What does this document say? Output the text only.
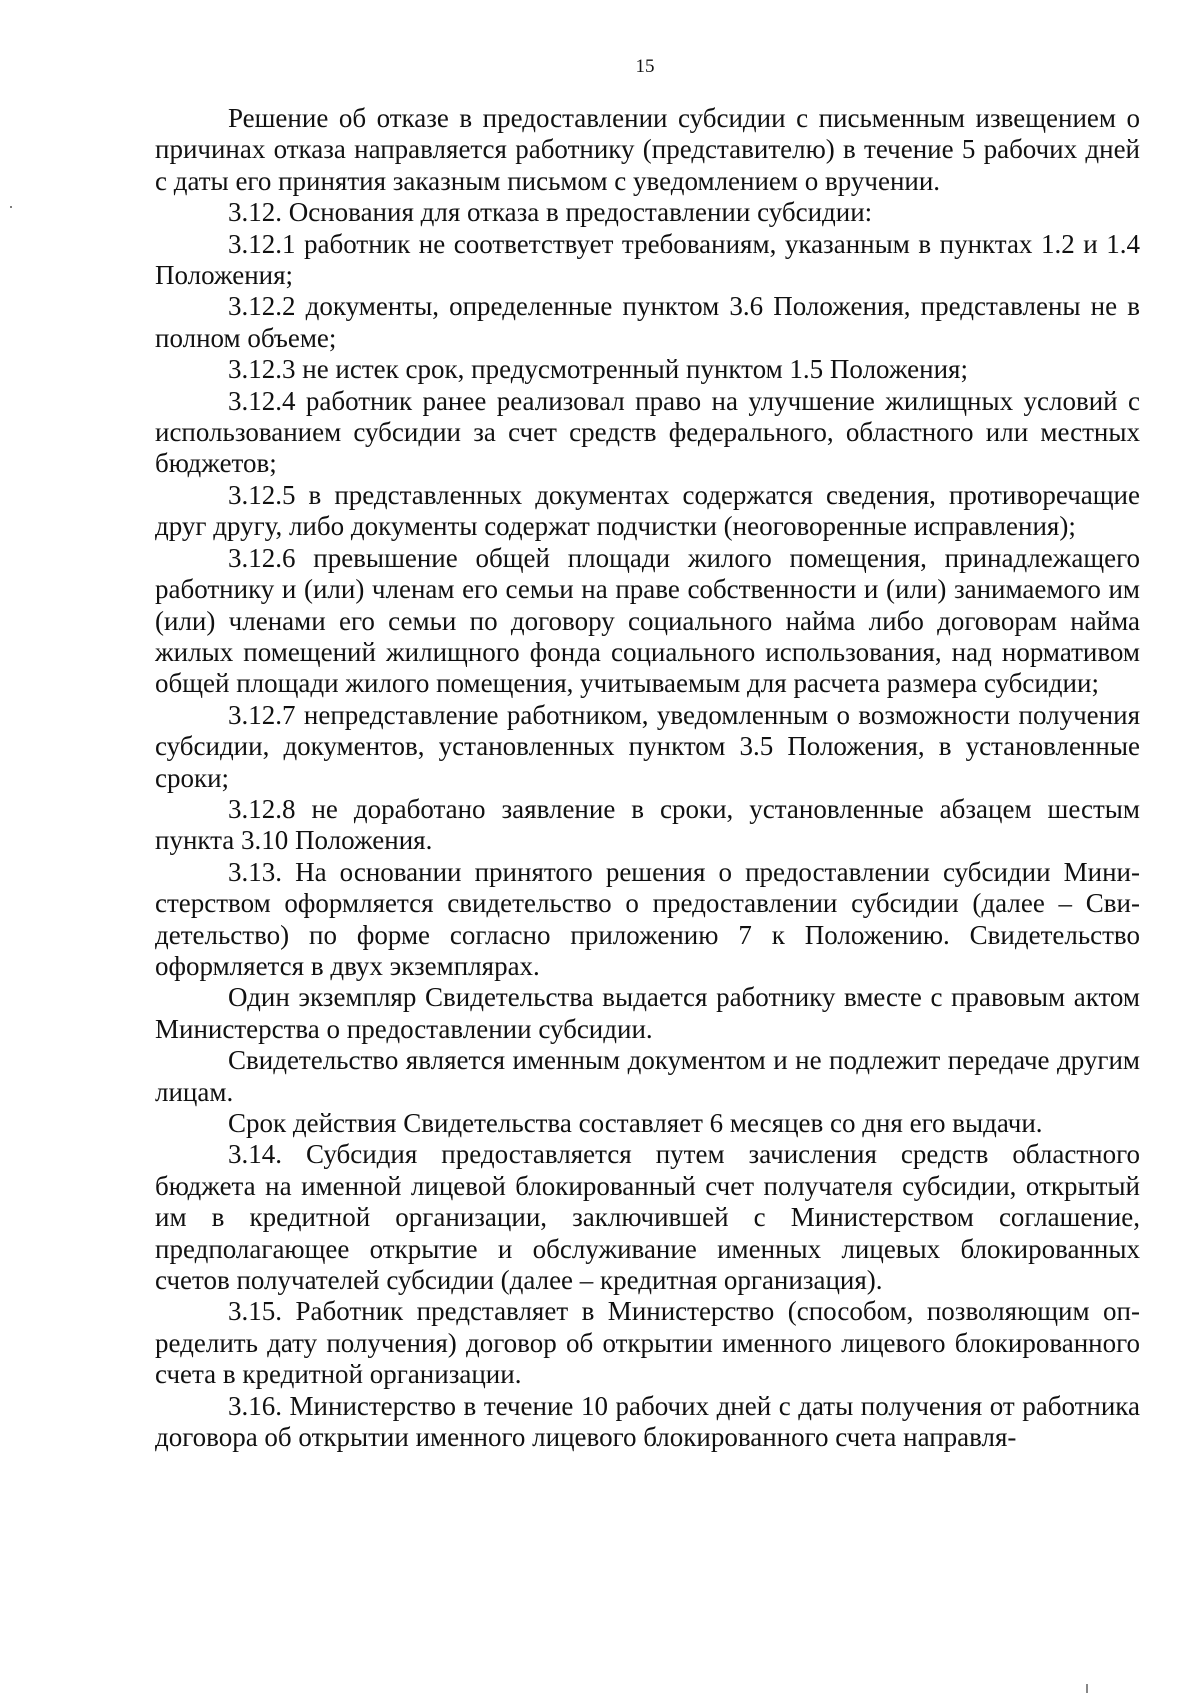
15

Решение об отказе в предоставлении субсидии с письменным извещением о причинах отказа направляется работнику (представителю) в течение 5 рабочих дней с даты его принятия заказным письмом с уведомлением о вручении.

3.12. Основания для отказа в предоставлении субсидии:

3.12.1 работник не соответствует требованиям, указанным в пунктах 1.2 и 1.4 Положения;

3.12.2 документы, определенные пунктом 3.6 Положения, представлены не в полном объеме;

3.12.3 не истек срок, предусмотренный пунктом 1.5 Положения;

3.12.4 работник ранее реализовал право на улучшение жилищных условий с использованием субсидии за счет средств федерального, областного или местных бюджетов;

3.12.5 в представленных документах содержатся сведения, противоречащие друг другу, либо документы содержат подчистки (неоговоренные исправления);

3.12.6 превышение общей площади жилого помещения, принадлежащего работнику и (или) членам его семьи на праве собственности и (или) занимаемого им (или) членами его семьи по договору социального найма либо договорам найма жилых помещений жилищного фонда социального использования, над нормативом общей площади жилого помещения, учитываемым для расчета размера субсидии;

3.12.7 непредставление работником, уведомленным о возможности получения субсидии, документов, установленных пунктом 3.5 Положения, в установленные сроки;

3.12.8 не доработано заявление в сроки, установленные абзацем шестым пункта 3.10 Положения.

3.13. На основании принятого решения о предоставлении субсидии Министерством оформляется свидетельство о предоставлении субсидии (далее – Свидетельство) по форме согласно приложению 7 к Положению. Свидетельство оформляется в двух экземплярах.

Один экземпляр Свидетельства выдается работнику вместе с правовым актом Министерства о предоставлении субсидии.

Свидетельство является именным документом и не подлежит передаче другим лицам.

Срок действия Свидетельства составляет 6 месяцев со дня его выдачи.

3.14. Субсидия предоставляется путем зачисления средств областного бюджета на именной лицевой блокированный счет получателя субсидии, открытый им в кредитной организации, заключившей с Министерством соглашение, предполагающее открытие и обслуживание именных лицевых блокированных счетов получателей субсидии (далее – кредитная организация).

3.15. Работник представляет в Министерство (способом, позволяющим определить дату получения) договор об открытии именного лицевого блокированного счета в кредитной организации.

3.16. Министерство в течение 10 рабочих дней с даты получения от работника договора об открытии именного лицевого блокированного счета направля-
